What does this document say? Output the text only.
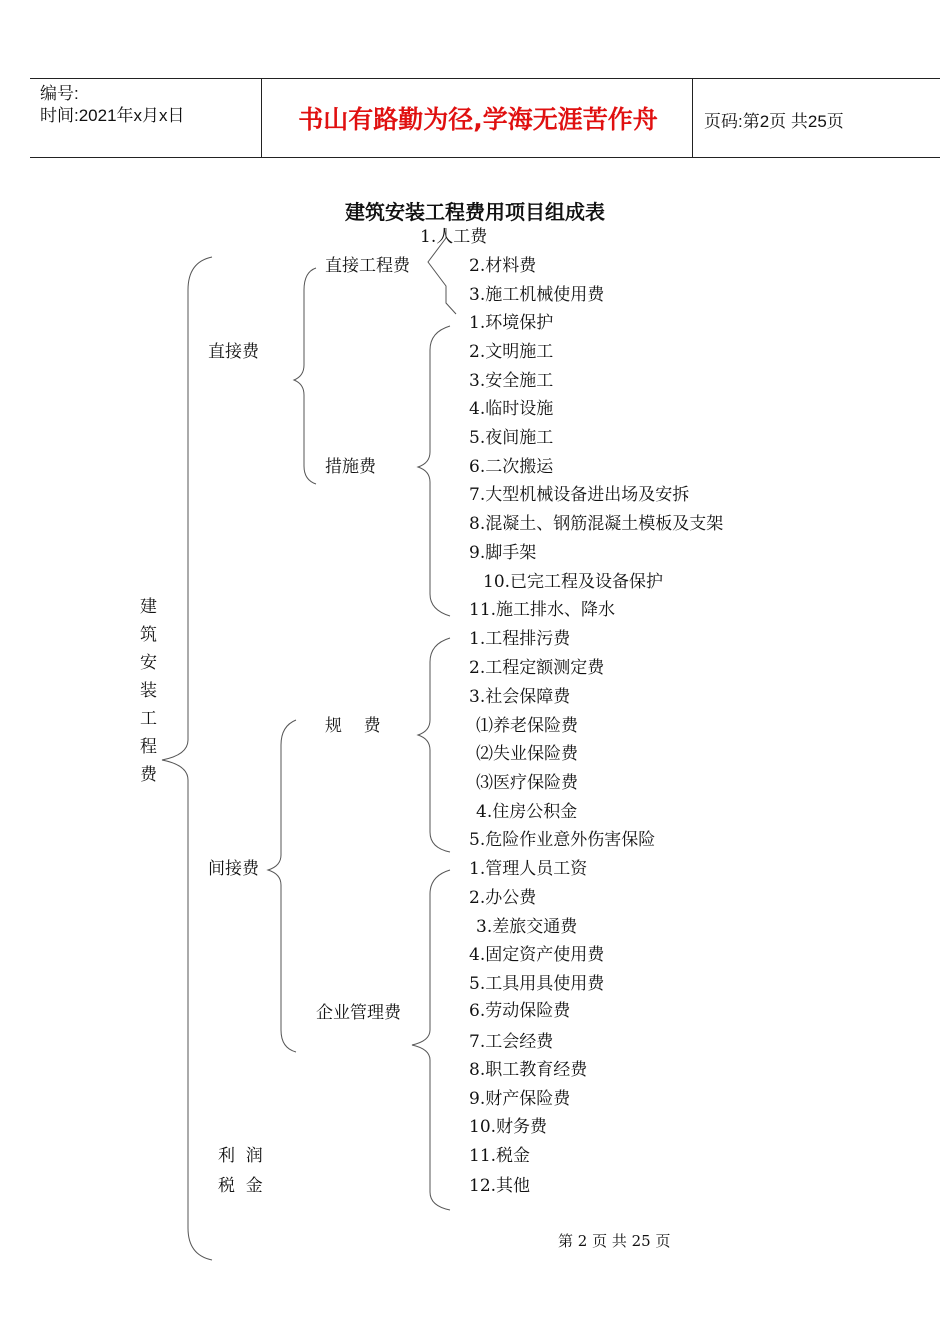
编号:
时间:2021年x月x日	书山有路勤为径,学海无涯苦作舟	页码:第2页 共25页
建筑安装工程费用项目组成表
建筑安装工程费
直接费
间接费
利  润
税  金
直接工程费
措施费
规    费
企业管理费
1.人工费
2.材料费
3.施工机械使用费
1.环境保护
2.文明施工
3.安全施工
4.临时设施
5.夜间施工
6.二次搬运
7.大型机械设备进出场及安拆
8.混凝土、钢筋混凝土模板及支架
9.脚手架
10.已完工程及设备保护
11.施工排水、降水
1.工程排污费
2.工程定额测定费
3.社会保障费
⑴养老保险费
⑵失业保险费
⑶医疗保险费
4.住房公积金
5.危险作业意外伤害保险
1.管理人员工资
2.办公费
3.差旅交通费
4.固定资产使用费
5.工具用具使用费
6.劳动保险费
7.工会经费
8.职工教育经费
9.财产保险费
10.财务费
11.税金
12.其他
第 2 页 共 25 页
